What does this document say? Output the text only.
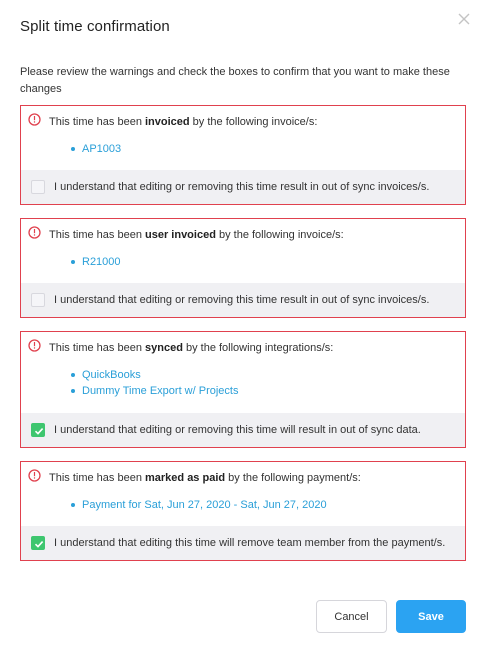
Split time confirmation
Please review the warnings and check the boxes to confirm that you want to make these changes
This time has been invoiced by the following invoice/s:
AP1003
I understand that editing or removing this time result in out of sync invoices/s.
This time has been user invoiced by the following invoice/s:
R21000
I understand that editing or removing this time result in out of sync invoices/s.
This time has been synced by the following integrations/s:
QuickBooks
Dummy Time Export w/ Projects
I understand that editing or removing this time will result in out of sync data.
This time has been marked as paid by the following payment/s:
Payment for Sat, Jun 27, 2020 - Sat, Jun 27, 2020
I understand that editing this time will remove team member from the payment/s.
Cancel	Save
